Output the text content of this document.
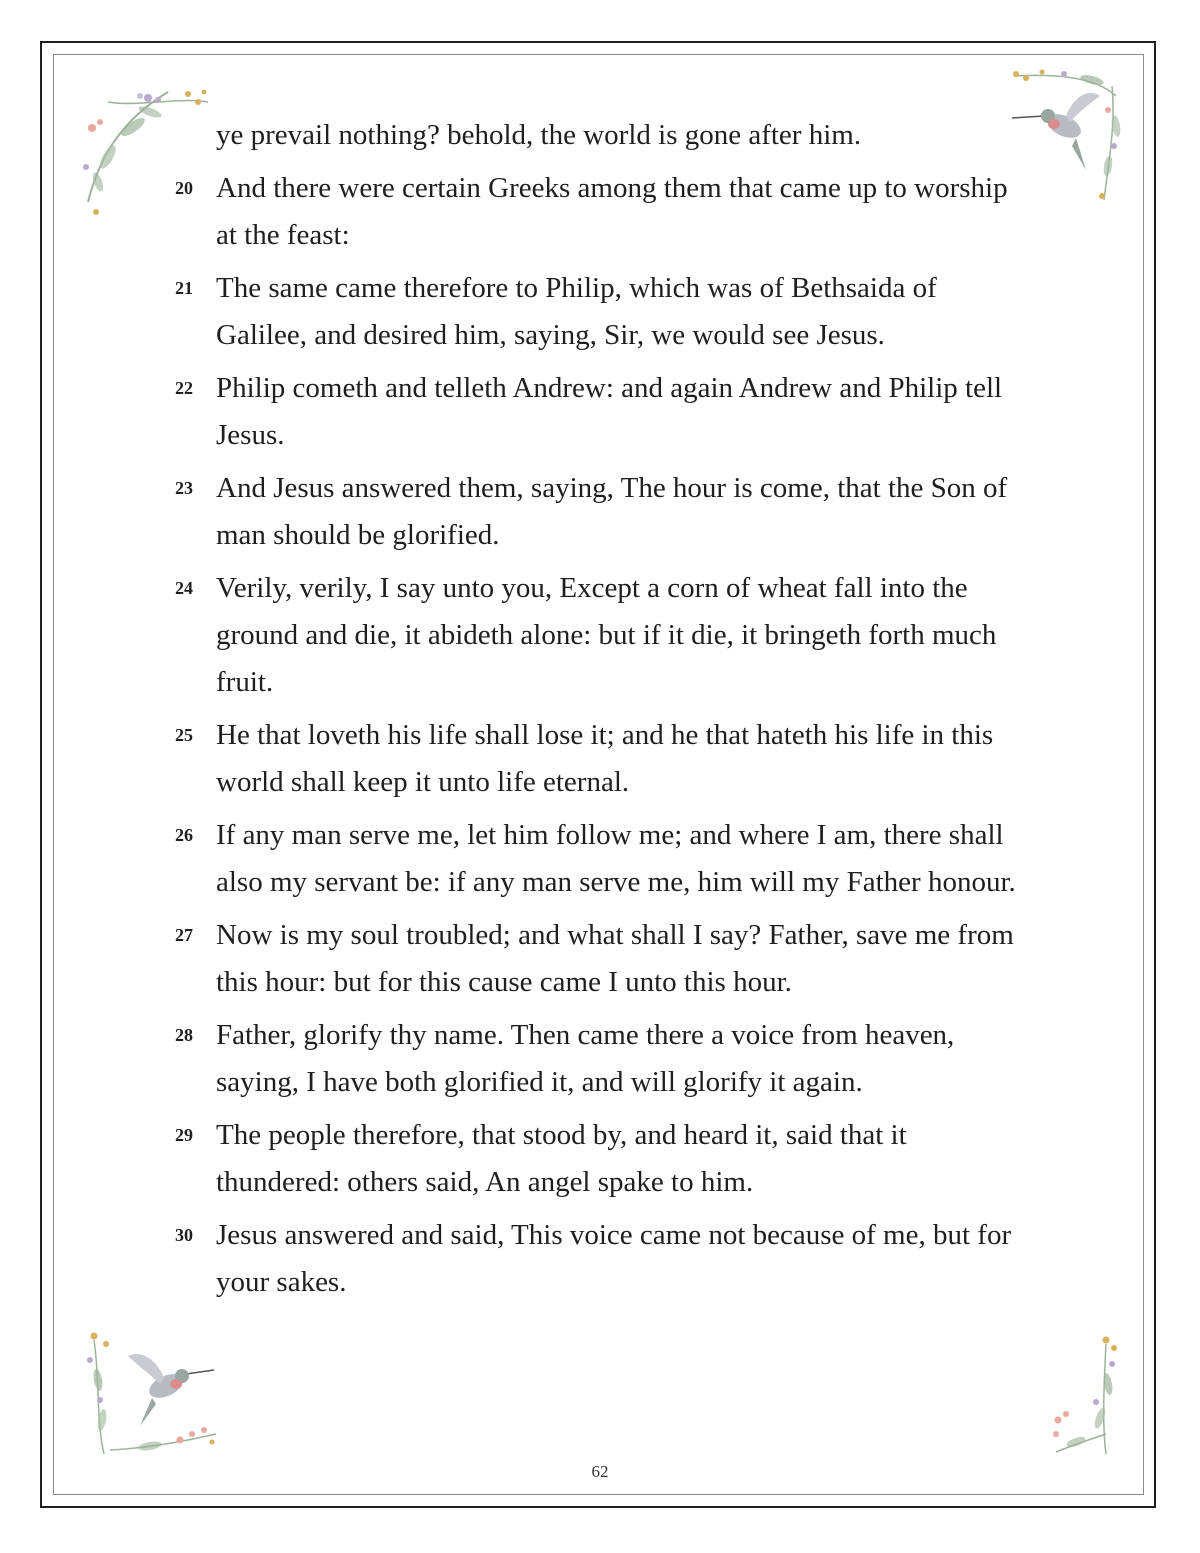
ye prevail nothing? behold, the world is gone after him.
20 And there were certain Greeks among them that came up to worship at the feast:
21 The same came therefore to Philip, which was of Bethsaida of Galilee, and desired him, saying, Sir, we would see Jesus.
22 Philip cometh and telleth Andrew: and again Andrew and Philip tell Jesus.
23 And Jesus answered them, saying, The hour is come, that the Son of man should be glorified.
24 Verily, verily, I say unto you, Except a corn of wheat fall into the ground and die, it abideth alone: but if it die, it bringeth forth much fruit.
25 He that loveth his life shall lose it; and he that hateth his life in this world shall keep it unto life eternal.
26 If any man serve me, let him follow me; and where I am, there shall also my servant be: if any man serve me, him will my Father honour.
27 Now is my soul troubled; and what shall I say? Father, save me from this hour: but for this cause came I unto this hour.
28 Father, glorify thy name. Then came there a voice from heaven, saying, I have both glorified it, and will glorify it again.
29 The people therefore, that stood by, and heard it, said that it thundered: others said, An angel spake to him.
30 Jesus answered and said, This voice came not because of me, but for your sakes.
62
